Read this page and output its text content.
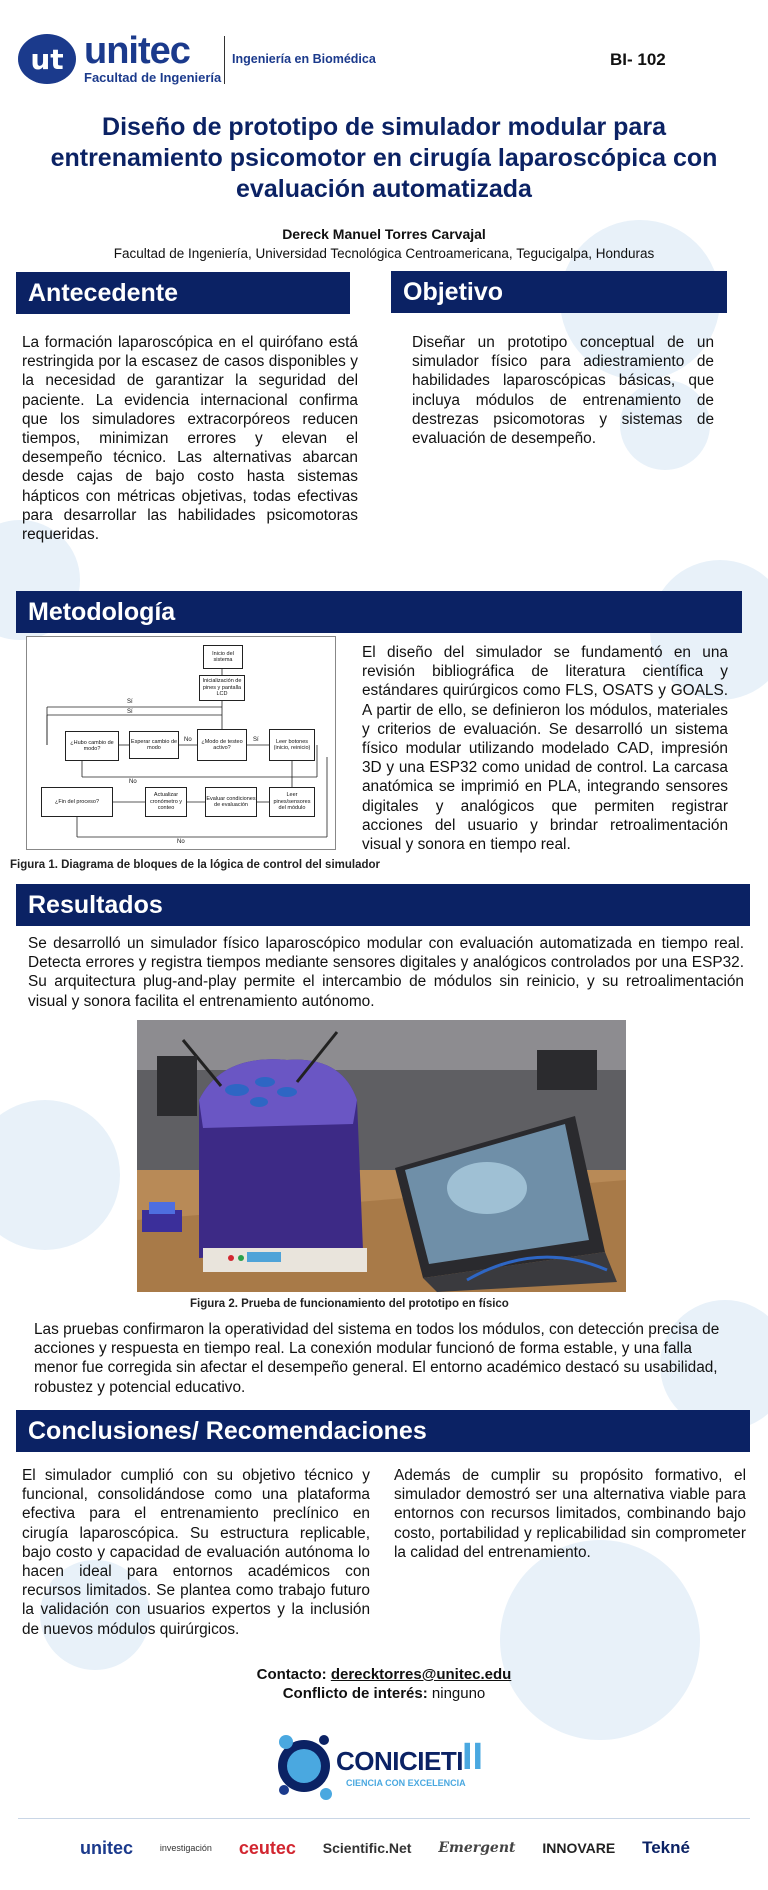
ut unitec
Facultad de Ingeniería
Ingeniería en Biomédica	BI- 102
Diseño de prototipo de simulador modular para
entrenamiento psicomotor en cirugía laparoscópica con
evaluación automatizada
Dereck Manuel Torres Carvajal
Facultad de Ingeniería, Universidad Tecnológica Centroamericana, Tegucigalpa, Honduras
Antecedente
La formación laparoscópica en el quirófano está restringida por la escasez de casos disponibles y la necesidad de garantizar la seguridad del paciente. La evidencia internacional confirma que los simuladores extracorpóreos reducen tiempos, minimizan errores y elevan el desempeño técnico. Las alternativas abarcan desde cajas de bajo costo hasta sistemas hápticos con métricas objetivas, todas efectivas para desarrollar las habilidades psicomotoras requeridas.
Objetivo
Diseñar un prototipo conceptual de un simulador físico para adiestramiento de habilidades laparoscópicas básicas, que incluya módulos de entrenamiento de destrezas psicomotoras y sistemas de evaluación de desempeño.
Metodología
Inicio del sistema
Inicialización de pines y pantalla LCD
¿Modo de testeo activo?
Esperar cambio de modo
¿Hubo cambio de modo?
Leer botones (inicio, reinicio)
Leer pines/sensores del módulo
Evaluar condiciones de evaluación
Actualizar cronómetro y conteo
¿Fin del proceso?
Sí
Sí
No	Sí
No
No
El diseño del simulador se fundamentó en una revisión bibliográfica de literatura científica y estándares quirúrgicos como FLS, OSATS y GOALS. A partir de ello, se definieron los módulos, materiales y criterios de evaluación. Se desarrolló un sistema físico modular utilizando modelado CAD, impresión 3D y una ESP32 como unidad de control. La carcasa anatómica se imprimió en PLA, integrando sensores digitales y analógicos que permiten registrar acciones del usuario y brindar retroalimentación visual y sonora en tiempo real.
Figura 1. Diagrama de bloques de la lógica de control del simulador
Resultados
Se desarrolló un simulador físico laparoscópico modular con evaluación automatizada en tiempo real. Detecta errores y registra tiempos mediante sensores digitales y analógicos controlados por una ESP32. Su arquitectura plug-and-play permite el intercambio de módulos sin reinicio, y su retroalimentación visual y sonora facilita el entrenamiento autónomo.
Figura 2. Prueba de funcionamiento del prototipo en físico
Las pruebas confirmaron la operatividad del sistema en todos los módulos, con detección precisa de acciones y respuesta en tiempo real. La conexión modular funcionó de forma estable, y una falla menor fue corregida sin afectar el desempeño general. El entorno académico destacó su usabilidad, robustez y potencial educativo.
Conclusiones/ Recomendaciones
El simulador cumplió con su objetivo técnico y funcional, consolidándose como una plataforma efectiva para el entrenamiento preclínico en cirugía laparoscópica. Su estructura replicable, bajo costo y capacidad de evaluación autónoma lo hacen ideal para entornos académicos con recursos limitados. Se plantea como trabajo futuro la validación con usuarios expertos y la inclusión de nuevos módulos quirúrgicos.
Además de cumplir su propósito formativo, el simulador demostró ser una alternativa viable para entornos con recursos limitados, combinando bajo costo, portabilidad y replicabilidad sin comprometer la calidad del entrenamiento.
Contacto: derecktorres@unitec.edu
Conflicto de interés: ninguno
CONICIETI II
CIENCIA CON EXCELENCIA
unitec	investigación ceutec Scientific.Net Emergent INNOVARE Tekné
